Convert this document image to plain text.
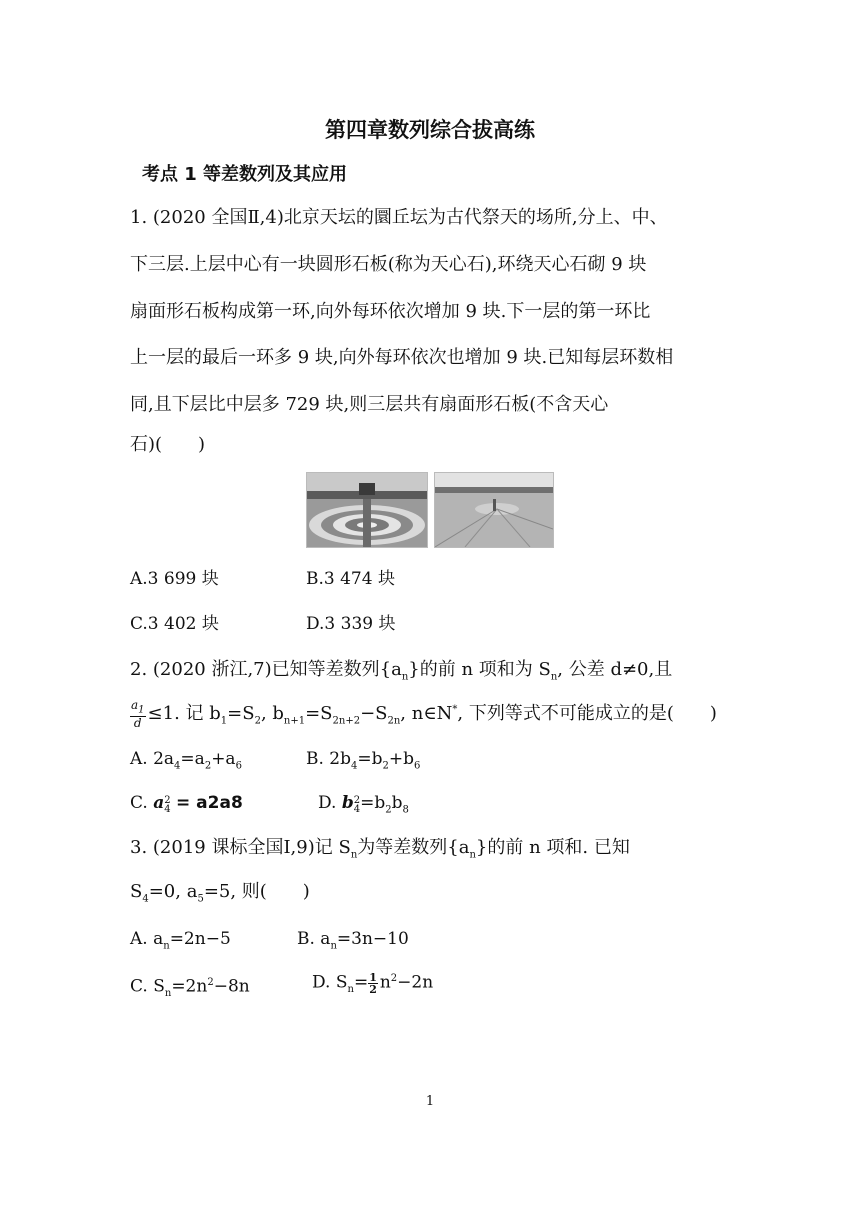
第四章数列综合拔高练
考点 1 等差数列及其应用
1. (2020 全国Ⅱ,4)北京天坛的圜丘坛为古代祭天的场所,分上、中、
下三层.上层中心有一块圆形石板(称为天心石),环绕天心石砌 9 块
扇面形石板构成第一环,向外每环依次增加 9 块.下一层的第一环比
上一层的最后一环多 9 块,向外每环依次也增加 9 块.已知每层环数相
同,且下层比中层多 729 块,则三层共有扇面形石板(不含天心
石)(　　)
A.3 699 块	B.3 474 块
C.3 402 块	D.3 339 块
2. (2020 浙江,7)已知等差数列$\{a_n\}$的前 n 项和为 $S_n$, 公差 d≠0,且
$\frac{a_1}{d} \le 1$. 记 $b_1=S_2$, $b_{n+1}=S_{2n+2}-S_{2n}$, n∈N*, 下列等式不可能成立的是(　　)
A. $2a_4=a_2+a_6$	B. $2b_4=b_2+b_6$
C. a $_{2 4}$ = a2a8	D. b $_{2 4}=b_2b_8$
3. (2019 课标全国Ⅰ,9)记 $S_n$为等差数列$\{a_n\}$的前 n 项和. 已知
$S_4=0$, $a_5=5$, 则(　　)
A. $a_n=2n-5$	B. $a_n=3n-10$
C. $S_n=2n^2-8n$	D. $S_n= \frac{1}{2} n^2-2n$
1
